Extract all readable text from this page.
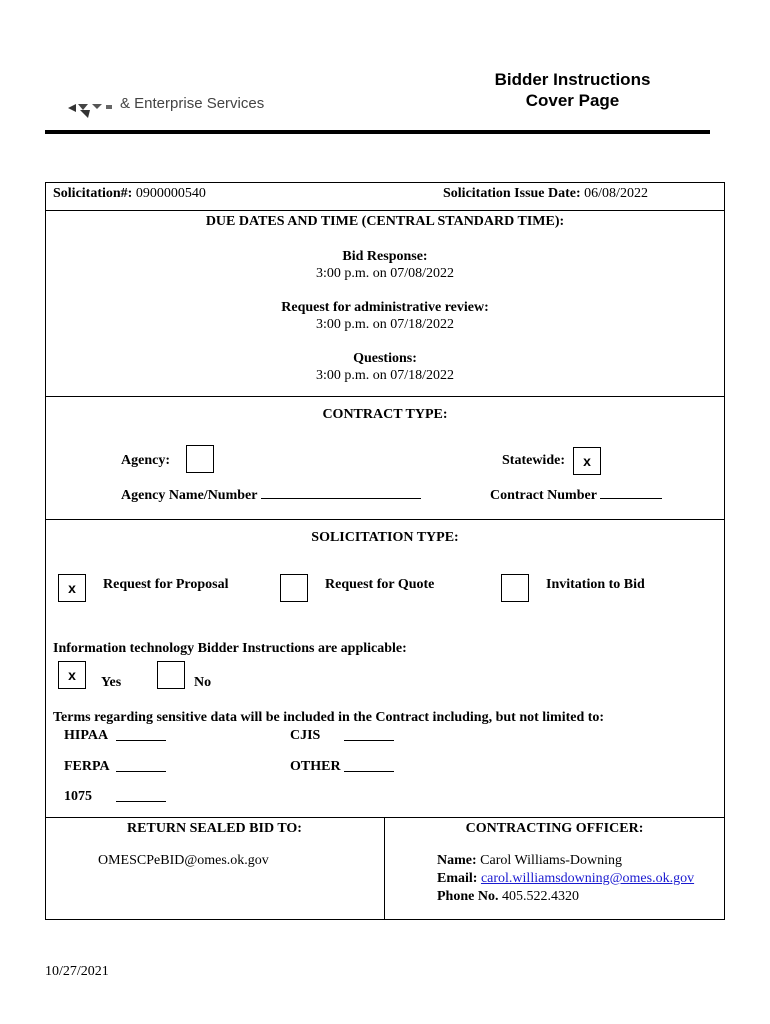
Bidder Instructions
Cover Page
& Enterprise Services
Solicitation#: 0900000540	Solicitation Issue Date: 06/08/2022
DUE DATES AND TIME (CENTRAL STANDARD TIME):
Bid Response:
3:00 p.m. on 07/08/2022
Request for administrative review:
3:00 p.m. on 07/18/2022
Questions:
3:00 p.m. on 07/18/2022
CONTRACT TYPE:
Agency:	Statewide:	x
Agency Name/Number	Contract Number
SOLICITATION TYPE:
x	Request for Proposal	Request for Quote	Invitation to Bid
Information technology Bidder Instructions are applicable:
x	Yes	No
Terms regarding sensitive data will be included in the Contract including, but not limited to:
HIPAA	CJIS
FERPA	OTHER
1075
RETURN SEALED BID TO:
OMESCPeBID@omes.ok.gov
CONTRACTING OFFICER:
Name: Carol Williams-Downing
Email: carol.williamsdowning@omes.ok.gov
Phone No. 405.522.4320
10/27/2021
